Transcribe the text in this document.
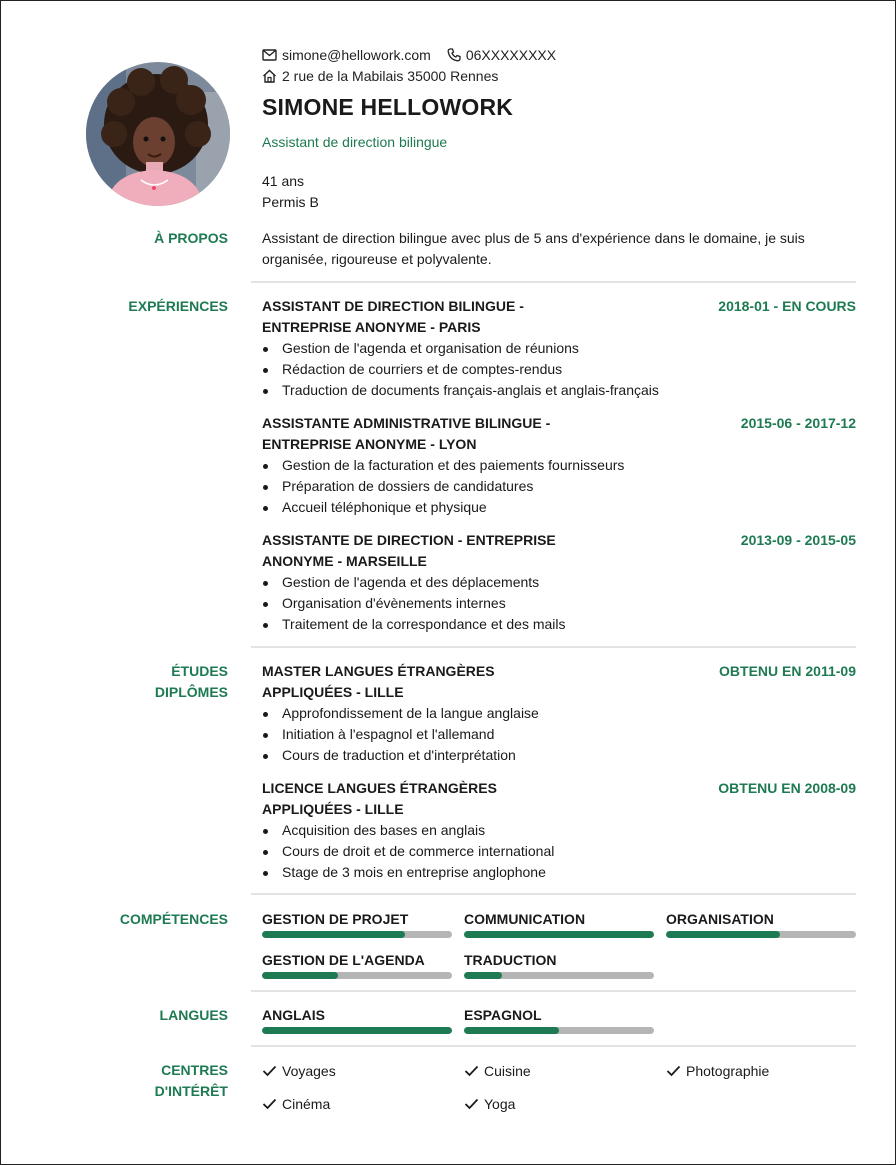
simone@hellowork.com	06XXXXXXXX
2 rue de la Mabilais 35000 Rennes
SIMONE HELLOWORK
Assistant de direction bilingue
41 ans
Permis B
À PROPOS Assistant de direction bilingue avec plus de 5 ans d'expérience dans le domaine, je suis organisée, rigoureuse et polyvalente.
EXPÉRIENCES ASSISTANT DE DIRECTION BILINGUE -
ENTREPRISE ANONYME - PARIS
2018-01 - EN COURS
Gestion de l'agenda et organisation de réunions
Rédaction de courriers et de comptes-rendus
Traduction de documents français-anglais et anglais-français
ASSISTANTE ADMINISTRATIVE BILINGUE -
ENTREPRISE ANONYME - LYON
2015-06 - 2017-12
Gestion de la facturation et des paiements fournisseurs
Préparation de dossiers de candidatures
Accueil téléphonique et physique
ASSISTANTE DE DIRECTION - ENTREPRISE
ANONYME - MARSEILLE
2013-09 - 2015-05
Gestion de l'agenda et des déplacements
Organisation d'évènements internes
Traitement de la correspondance et des mails
ÉTUDES
DIPLÔMES
MASTER LANGUES ÉTRANGÈRES
APPLIQUÉES - LILLE
OBTENU EN 2011-09
Approfondissement de la langue anglaise
Initiation à l'espagnol et l'allemand
Cours de traduction et d'interprétation
LICENCE LANGUES ÉTRANGÈRES
APPLIQUÉES - LILLE
OBTENU EN 2008-09
Acquisition des bases en anglais
Cours de droit et de commerce international
Stage de 3 mois en entreprise anglophone
COMPÉTENCES GESTION DE PROJET	COMMUNICATION	ORGANISATION
GESTION DE L'AGENDA	TRADUCTION
LANGUES ANGLAIS	ESPAGNOL
CENTRES
D'INTÉRÊT
Voyages	Cuisine	Photographie
Cinéma	Yoga
